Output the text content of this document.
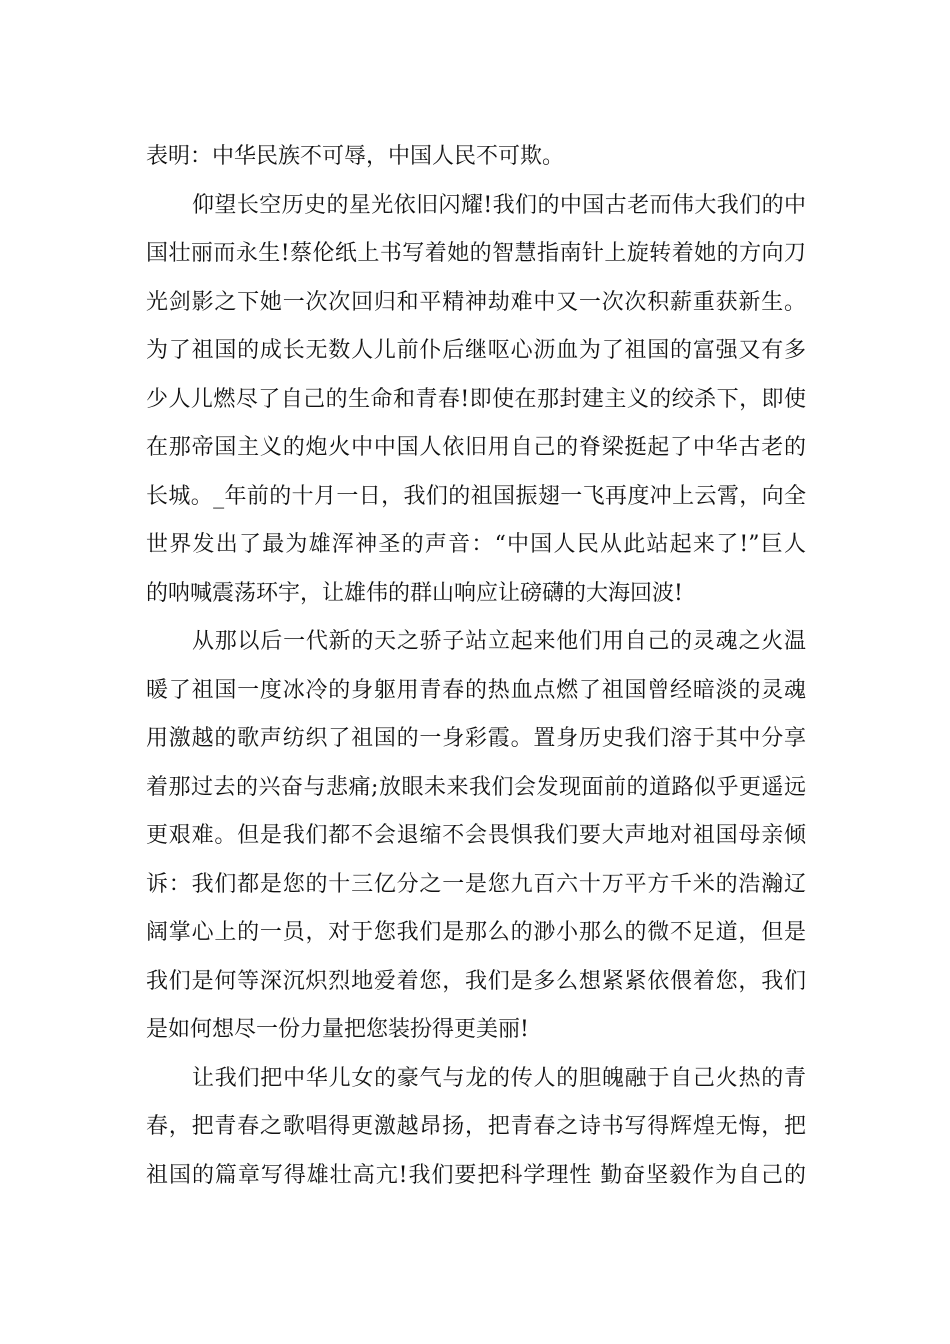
表明：中华民族不可辱，中国人民不可欺。
仰望长空历史的星光依旧闪耀!我们的中国古老而伟大我们的中
国壮丽而永生!蔡伦纸上书写着她的智慧指南针上旋转着她的方向刀
光剑影之下她一次次回归和平精神劫难中又一次次积薪重获新生。
为了祖国的成长无数人儿前仆后继呕心沥血为了祖国的富强又有多
少人儿燃尽了自己的生命和青春!即使在那封建主义的绞杀下，即使
在那帝国主义的炮火中中国人依旧用自己的脊梁挺起了中华古老的
长城。_年前的十月一日，我们的祖国振翅一飞再度冲上云霄，向全
世界发出了最为雄浑神圣的声音：“中国人民从此站起来了!”巨人
的呐喊震荡环宇，让雄伟的群山响应让磅礴的大海回波!
从那以后一代新的天之骄子站立起来他们用自己的灵魂之火温
暖了祖国一度冰冷的身躯用青春的热血点燃了祖国曾经暗淡的灵魂
用激越的歌声纺织了祖国的一身彩霞。置身历史我们溶于其中分享
着那过去的兴奋与悲痛;放眼未来我们会发现面前的道路似乎更遥远
更艰难。但是我们都不会退缩不会畏惧我们要大声地对祖国母亲倾
诉：我们都是您的十三亿分之一是您九百六十万平方千米的浩瀚辽
阔掌心上的一员，对于您我们是那么的渺小那么的微不足道，但是
我们是何等深沉炽烈地爱着您，我们是多么想紧紧依偎着您，我们
是如何想尽一份力量把您装扮得更美丽!
让我们把中华儿女的豪气与龙的传人的胆魄融于自己火热的青
春，把青春之歌唱得更激越昂扬，把青春之诗书写得辉煌无悔，把
祖国的篇章写得雄壮高亢!我们要把科学理性 勤奋坚毅作为自己的
